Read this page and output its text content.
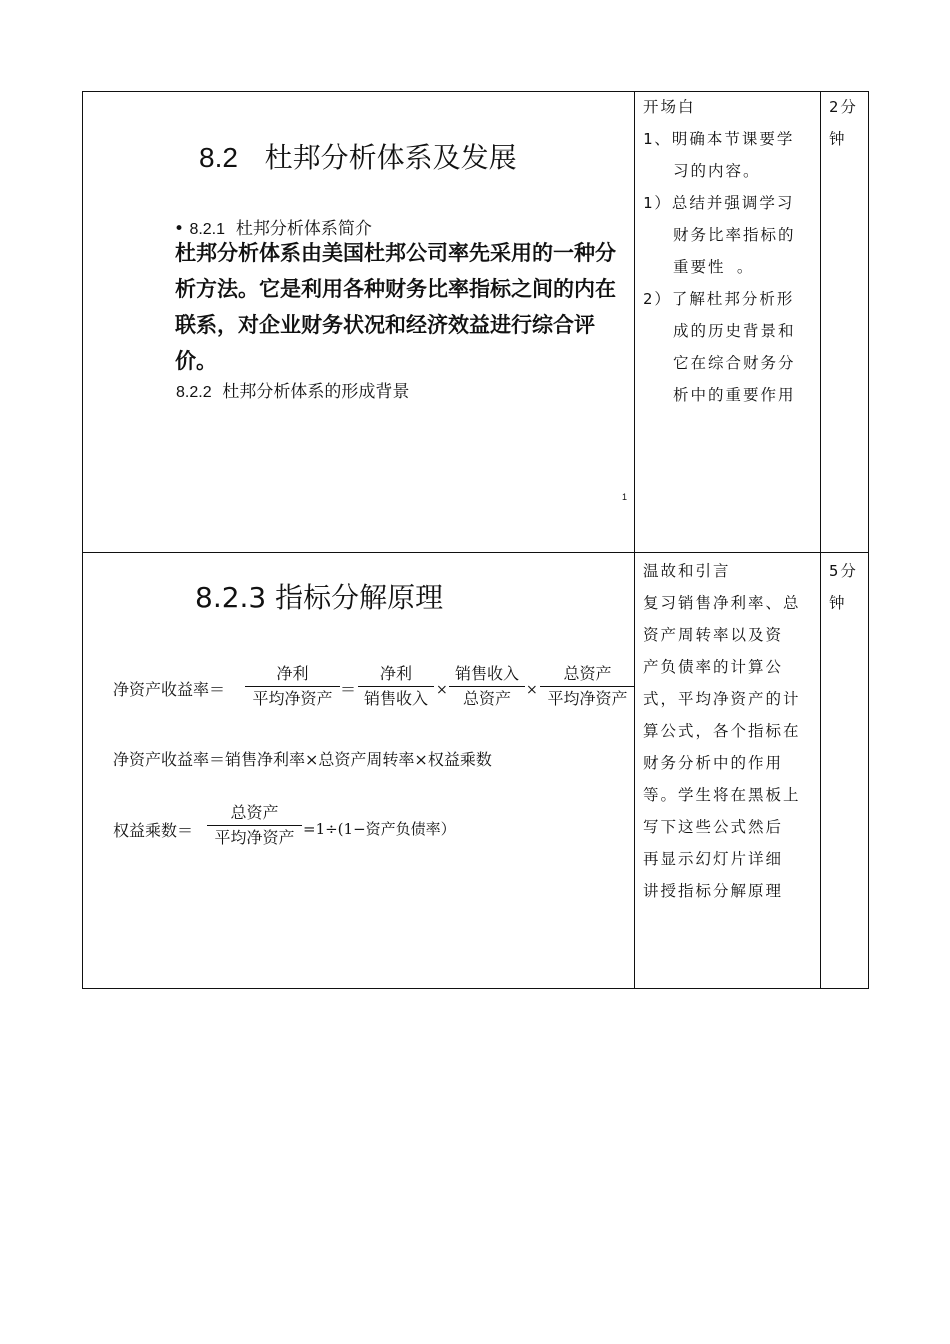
8.2 杜邦分析体系及发展
• 8.2.1 杜邦分析体系简介
杜邦分析体系由美国杜邦公司率先采用的一种分析方法。它是利用各种财务比率指标之间的内在联系，对企业财务状况和经济效益进行综合评价。
8.2.2 杜邦分析体系的形成背景
1
开场白
1、明确本节课要学
习的内容。
1）总结并强调学习
财务比率指标的
重要性 。
2）了解杜邦分析形
成的历史背景和
它在综合财务分
析中的重要作用
2分
钟
8.2.3 指标分解原理
净资产收益率＝
净利
平均净资产 ＝
净利
销售收入 ×
销售收入
总资产	×
总资产
平均净资产
净资产收益率＝销售净利率×总资产周转率×权益乘数
权益乘数＝
总资产
平均净资产 =1÷(1−资产负债率）
温故和引言
复习销售净利率、总
资产周转率以及资
产负债率的计算公
式，平均净资产的计
算公式，各个指标在
财务分析中的作用
等。学生将在黑板上
写下这些公式然后
再显示幻灯片详细
讲授指标分解原理
5分
钟
